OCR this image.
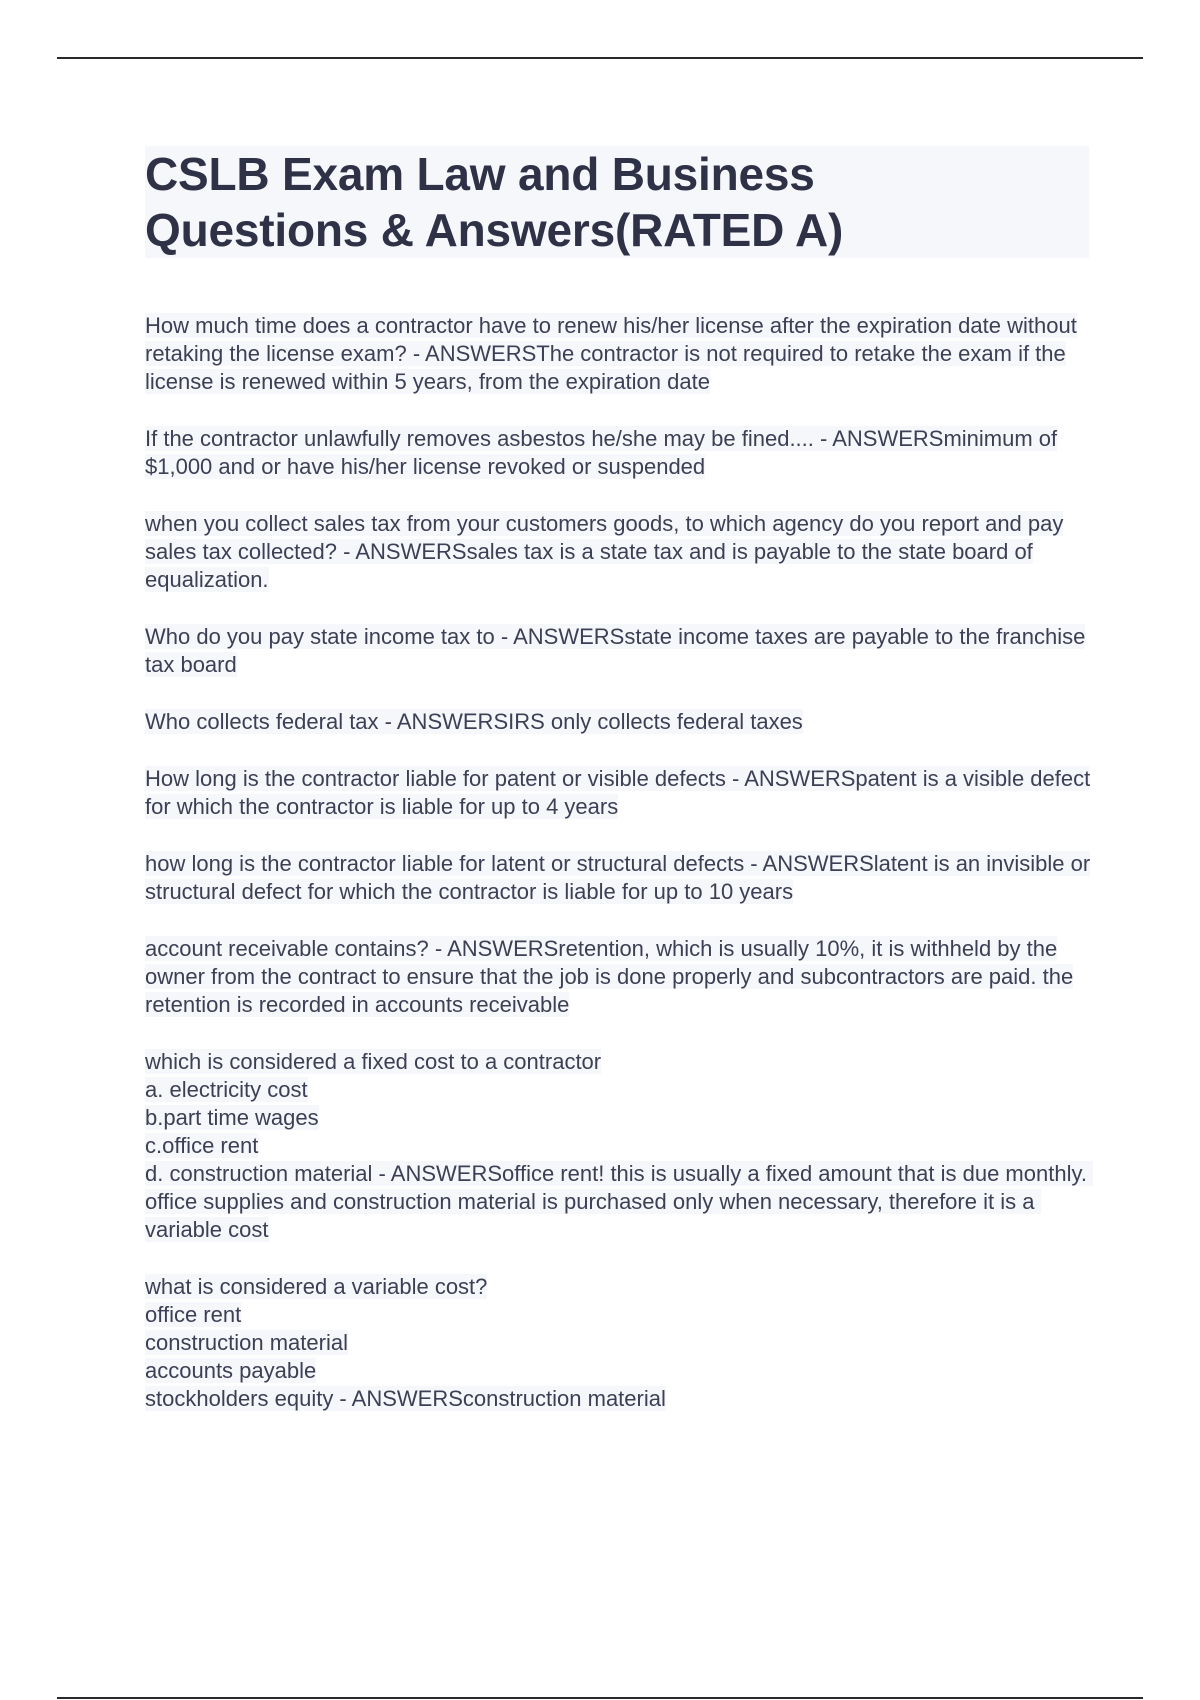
CSLB Exam Law and Business
Questions & Answers(RATED A)

How much time does a contractor have to renew his/her license after the expiration date without retaking the license exam? - ANSWERSThe contractor is not required to retake the exam if the license is renewed within 5 years, from the expiration date

If the contractor unlawfully removes asbestos he/she may be fined.... - ANSWERSminimum of $1,000 and or have his/her license revoked or suspended

when you collect sales tax from your customers goods, to which agency do you report and pay sales tax collected? - ANSWERSsales tax is a state tax and is payable to the state board of equalization.

Who do you pay state income tax to - ANSWERSstate income taxes are payable to the franchise tax board

Who collects federal tax - ANSWERSIRS only collects federal taxes

How long is the contractor liable for patent or visible defects - ANSWERSpatent is a visible defect for which the contractor is liable for up to 4 years

how long is the contractor liable for latent or structural defects - ANSWERSlatent is an invisible or structural defect for which the contractor is liable for up to 10 years

account receivable contains? - ANSWERSretention, which is usually 10%, it is withheld by the owner from the contract to ensure that the job is done properly and subcontractors are paid. the retention is recorded in accounts receivable

which is considered a fixed cost to a contractor
a. electricity cost
b.part time wages
c.office rent
d. construction material - ANSWERSoffice rent! this is usually a fixed amount that is due monthly. office supplies and construction material is purchased only when necessary, therefore it is a variable cost

what is considered a variable cost?
office rent
construction material
accounts payable
stockholders equity - ANSWERSconstruction material
